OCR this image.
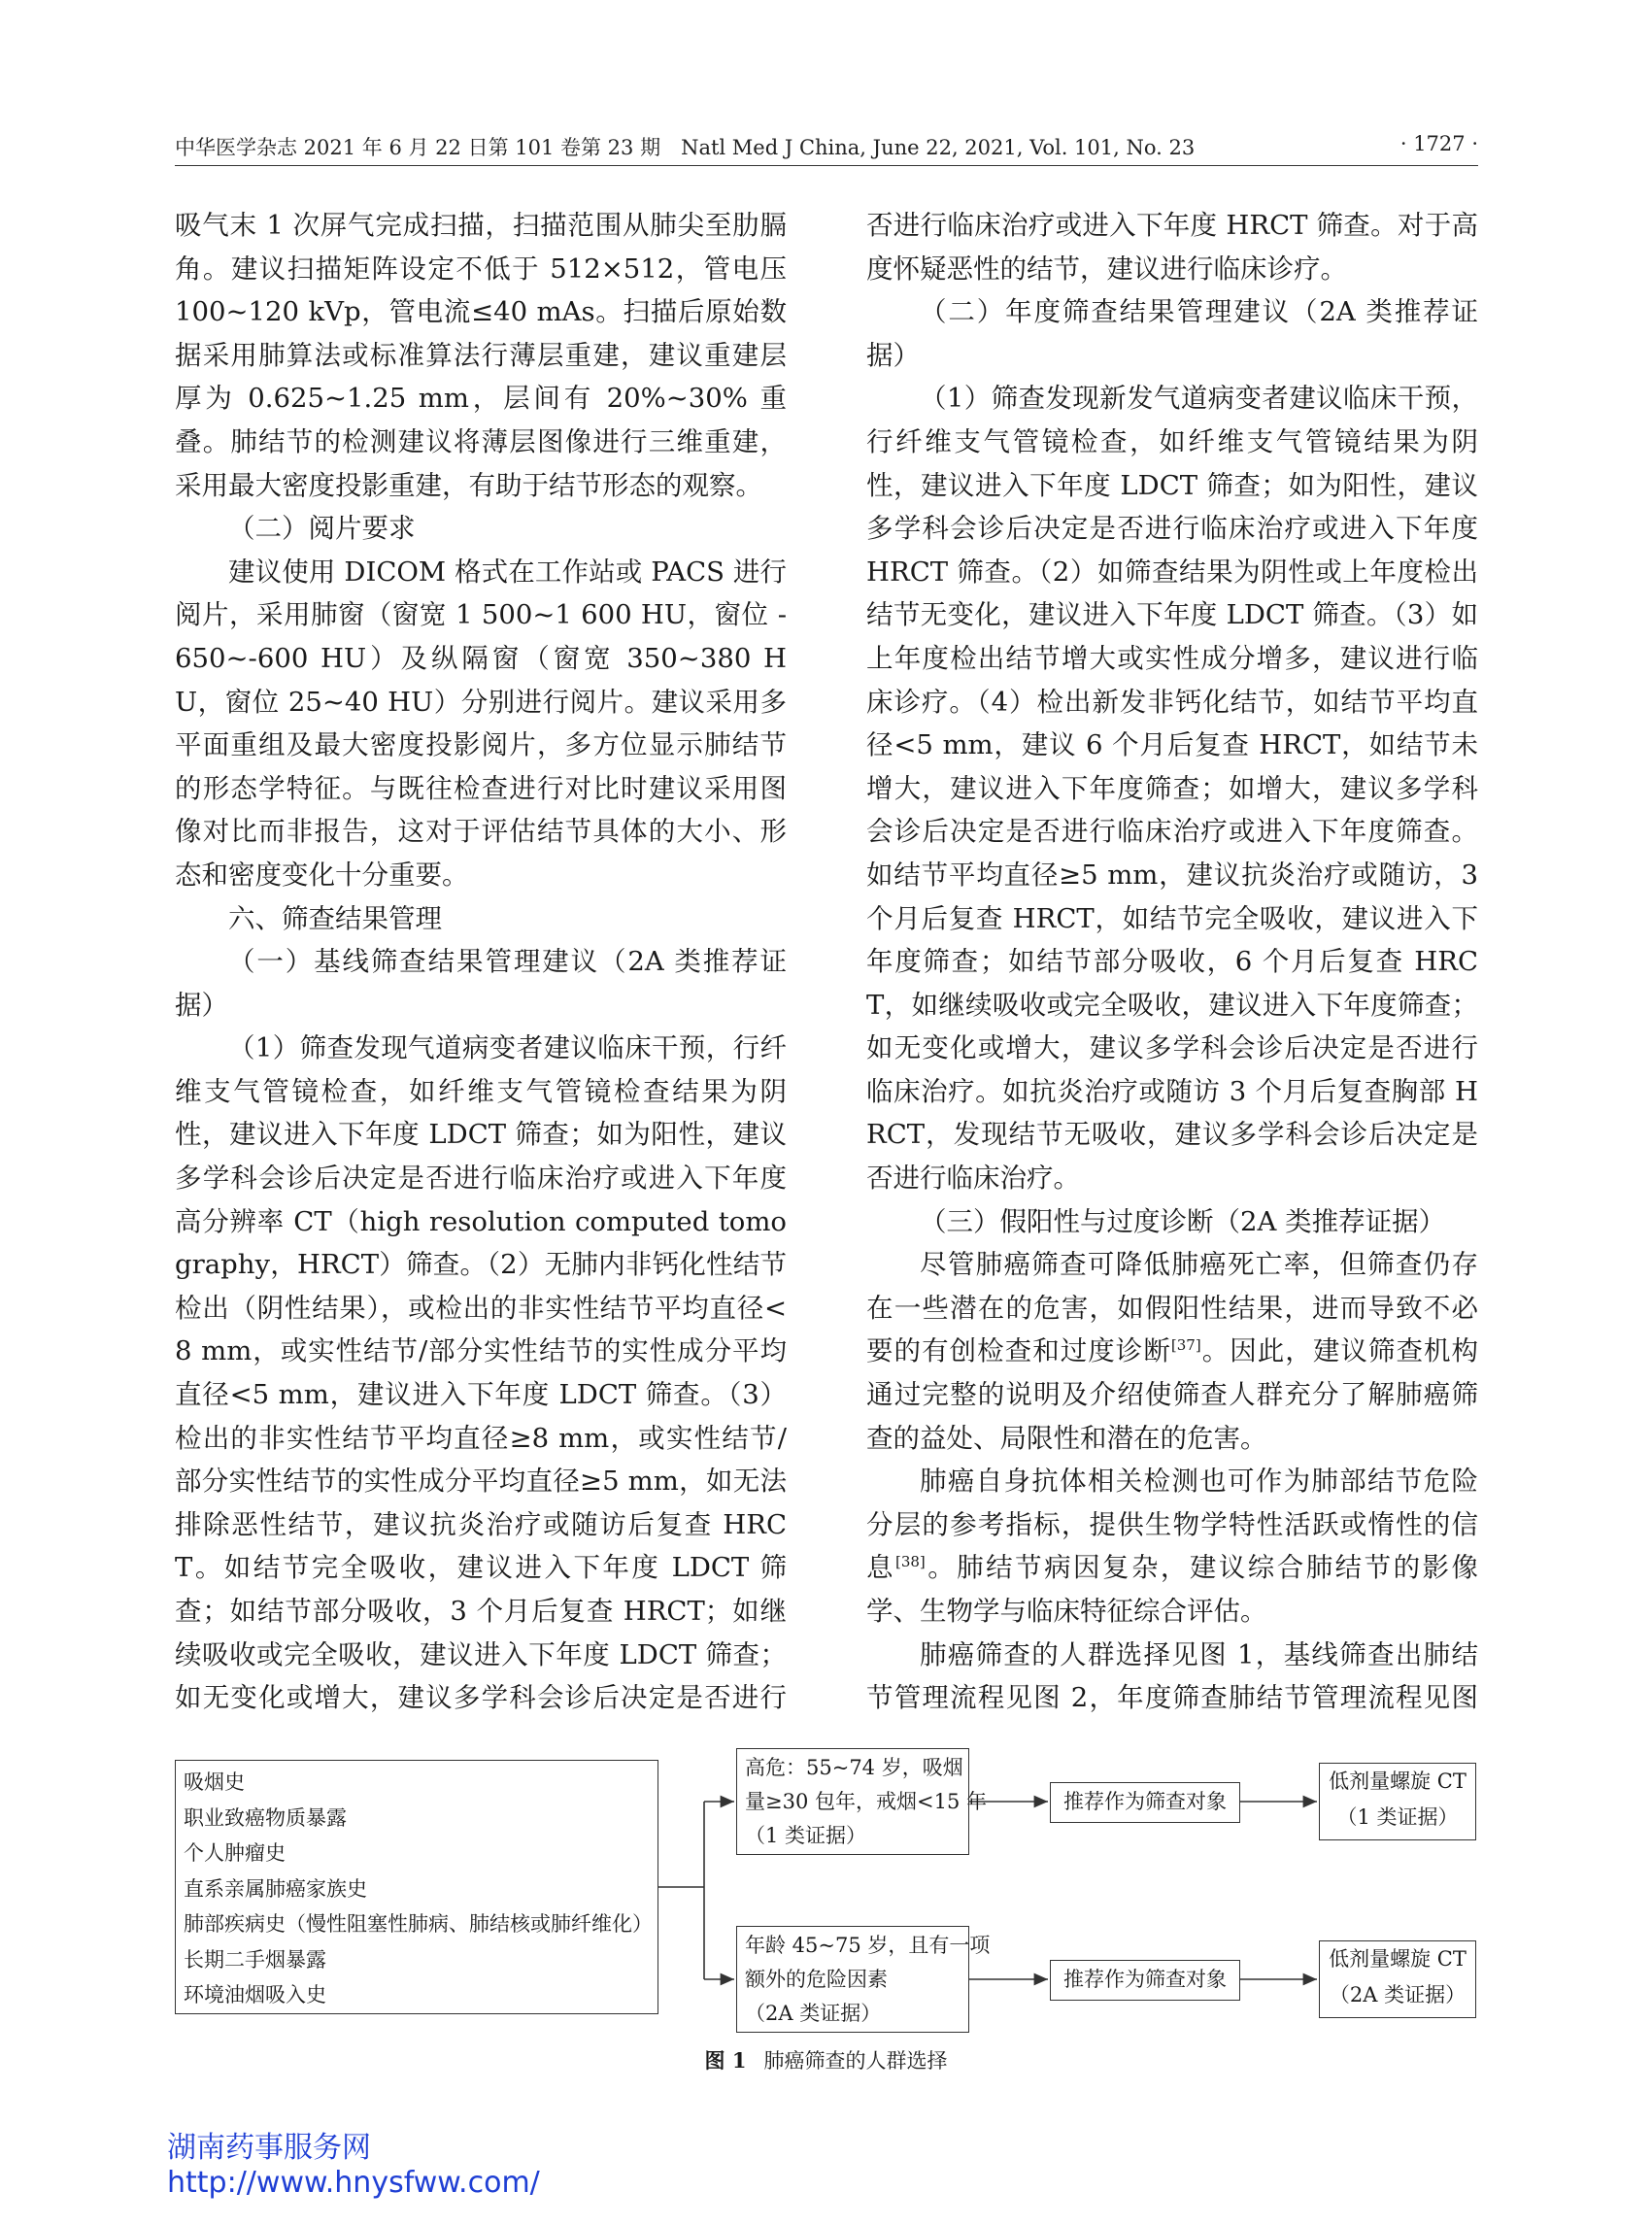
中华医学杂志 2021 年 6 月 22 日第 101 卷第 23 期　Natl Med J China, June 22, 2021, Vol. 101, No. 23	· 1727 ·

吸气末 1 次屏气完成扫描，扫描范围从肺尖至肋膈角。建议扫描矩阵设定不低于 512×512，管电压 100~120 kVp，管电流≤40 mAs。扫描后原始数据采用肺算法或标准算法行薄层重建，建议重建层厚为 0.625~1.25 mm，层间有 20%~30% 重叠。肺结节的检测建议将薄层图像进行三维重建，采用最大密度投影重建，有助于结节形态的观察。

（二）阅片要求

建议使用 DICOM 格式在工作站或 PACS 进行阅片，采用肺窗（窗宽 1 500~1 600 HU，窗位 -650~-600 HU）及纵隔窗（窗宽 350~380 HU，窗位 25~40 HU）分别进行阅片。建议采用多平面重组及最大密度投影阅片，多方位显示肺结节的形态学特征。与既往检查进行对比时建议采用图像对比而非报告，这对于评估结节具体的大小、形态和密度变化十分重要。

六、筛查结果管理

（一）基线筛查结果管理建议（2A 类推荐证据）

（1）筛查发现气道病变者建议临床干预，行纤维支气管镜检查，如纤维支气管镜检查结果为阴性，建议进入下年度 LDCT 筛查；如为阳性，建议多学科会诊后决定是否进行临床治疗或进入下年度高分辨率 CT（high resolution computed tomography，HRCT）筛查。（2）无肺内非钙化性结节检出（阴性结果），或检出的非实性结节平均直径<8 mm，或实性结节/部分实性结节的实性成分平均直径<5 mm，建议进入下年度 LDCT 筛查。（3）检出的非实性结节平均直径≥8 mm，或实性结节/部分实性结节的实性成分平均直径≥5 mm，如无法排除恶性结节，建议抗炎治疗或随访后复查 HRCT。如结节完全吸收，建议进入下年度 LDCT 筛查；如结节部分吸收，3 个月后复查 HRCT；如继续吸收或完全吸收，建议进入下年度 LDCT 筛查；如无变化或增大，建议多学科会诊后决定是否进行

否进行临床治疗或进入下年度 HRCT 筛查。对于高度怀疑恶性的结节，建议进行临床诊疗。

（二）年度筛查结果管理建议（2A 类推荐证据）

（1）筛查发现新发气道病变者建议临床干预，行纤维支气管镜检查，如纤维支气管镜结果为阴性，建议进入下年度 LDCT 筛查；如为阳性，建议多学科会诊后决定是否进行临床治疗或进入下年度 HRCT 筛查。（2）如筛查结果为阴性或上年度检出结节无变化，建议进入下年度 LDCT 筛查。（3）如上年度检出结节增大或实性成分增多，建议进行临床诊疗。（4）检出新发非钙化结节，如结节平均直径<5 mm，建议 6 个月后复查 HRCT，如结节未增大，建议进入下年度筛查；如增大，建议多学科会诊后决定是否进行临床治疗或进入下年度筛查。如结节平均直径≥5 mm，建议抗炎治疗或随访，3 个月后复查 HRCT，如结节完全吸收，建议进入下年度筛查；如结节部分吸收，6 个月后复查 HRCT，如继续吸收或完全吸收，建议进入下年度筛查；如无变化或增大，建议多学科会诊后决定是否进行临床治疗。如抗炎治疗或随访 3 个月后复查胸部 HRCT，发现结节无吸收，建议多学科会诊后决定是否进行临床治疗。

（三）假阳性与过度诊断（2A 类推荐证据）

尽管肺癌筛查可降低肺癌死亡率，但筛查仍存在一些潜在的危害，如假阳性结果，进而导致不必要的有创检查和过度诊断[37]。因此，建议筛查机构通过完整的说明及介绍使筛查人群充分了解肺癌筛查的益处、局限性和潜在的危害。

肺癌自身抗体相关检测也可作为肺部结节危险分层的参考指标，提供生物学特性活跃或惰性的信息[38]。肺结节病因复杂，建议综合肺结节的影像学、生物学与临床特征综合评估。

肺癌筛查的人群选择见图 1，基线筛查出肺结节管理流程见图 2，年度筛查肺结节管理流程见图

吸烟史
职业致癌物质暴露
个人肿瘤史
直系亲属肺癌家族史
肺部疾病史（慢性阻塞性肺病、肺结核或肺纤维化）
长期二手烟暴露
环境油烟吸入史
高危：55~74 岁，吸烟
量≥30 包年，戒烟<15 年
（1 类证据）
年龄 45~75 岁，且有一项
额外的危险因素
（2A 类证据）
推荐作为筛查对象
推荐作为筛查对象
低剂量螺旋 CT
（1 类证据）
低剂量螺旋 CT
（2A 类证据）
图 1 肺癌筛查的人群选择
湖南药事服务网
http://www.hnysfww.com/
